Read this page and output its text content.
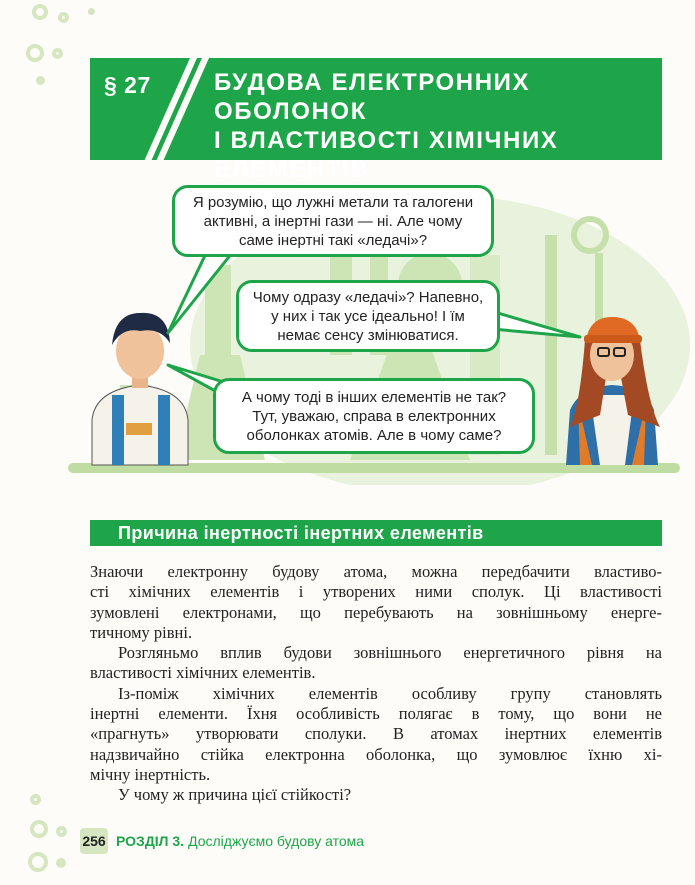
§ 27	БУДОВА ЕЛЕКТРОННИХ ОБОЛОНОК
І ВЛАСТИВОСТІ ХІМІЧНИХ
ЕЛЕМЕНТІВ
Я розумію, що лужні метали та галогени
активні, а інертні гази — ні. Але чому
саме інертні такі «ледачі»?
Чому одразу «ледачі»? Напевно,
у них і так усе ідеально! І їм
немає сенсу змінюватися.
А чому тоді в інших елементів не так?
Тут, уважаю, справа в електронних
оболонках атомів. Але в чому саме?
Причина інертності інертних елементів

Знаючи електронну будову атома, можна передбачити властиво-
сті хімічних елементів і утворених ними сполук. Ці властивості
зумовлені електронами, що перебувають на зовнішньому енерге-
тичному рівні.

Розгляньмо вплив будови зовнішнього енергетичного рівня на
властивості хімічних елементів.

Із-поміж хімічних елементів особливу групу становлять
інертні елементи. Їхня особливість полягає в тому, що вони не
«прагнуть» утворювати сполуки. В атомах інертних елементів
надзвичайно стійка електронна оболонка, що зумовлює їхню хі-
мічну інертність.

У чому ж причина цієї стійкості?

256 РОЗДІЛ 3. Досліджуємо будову атома
